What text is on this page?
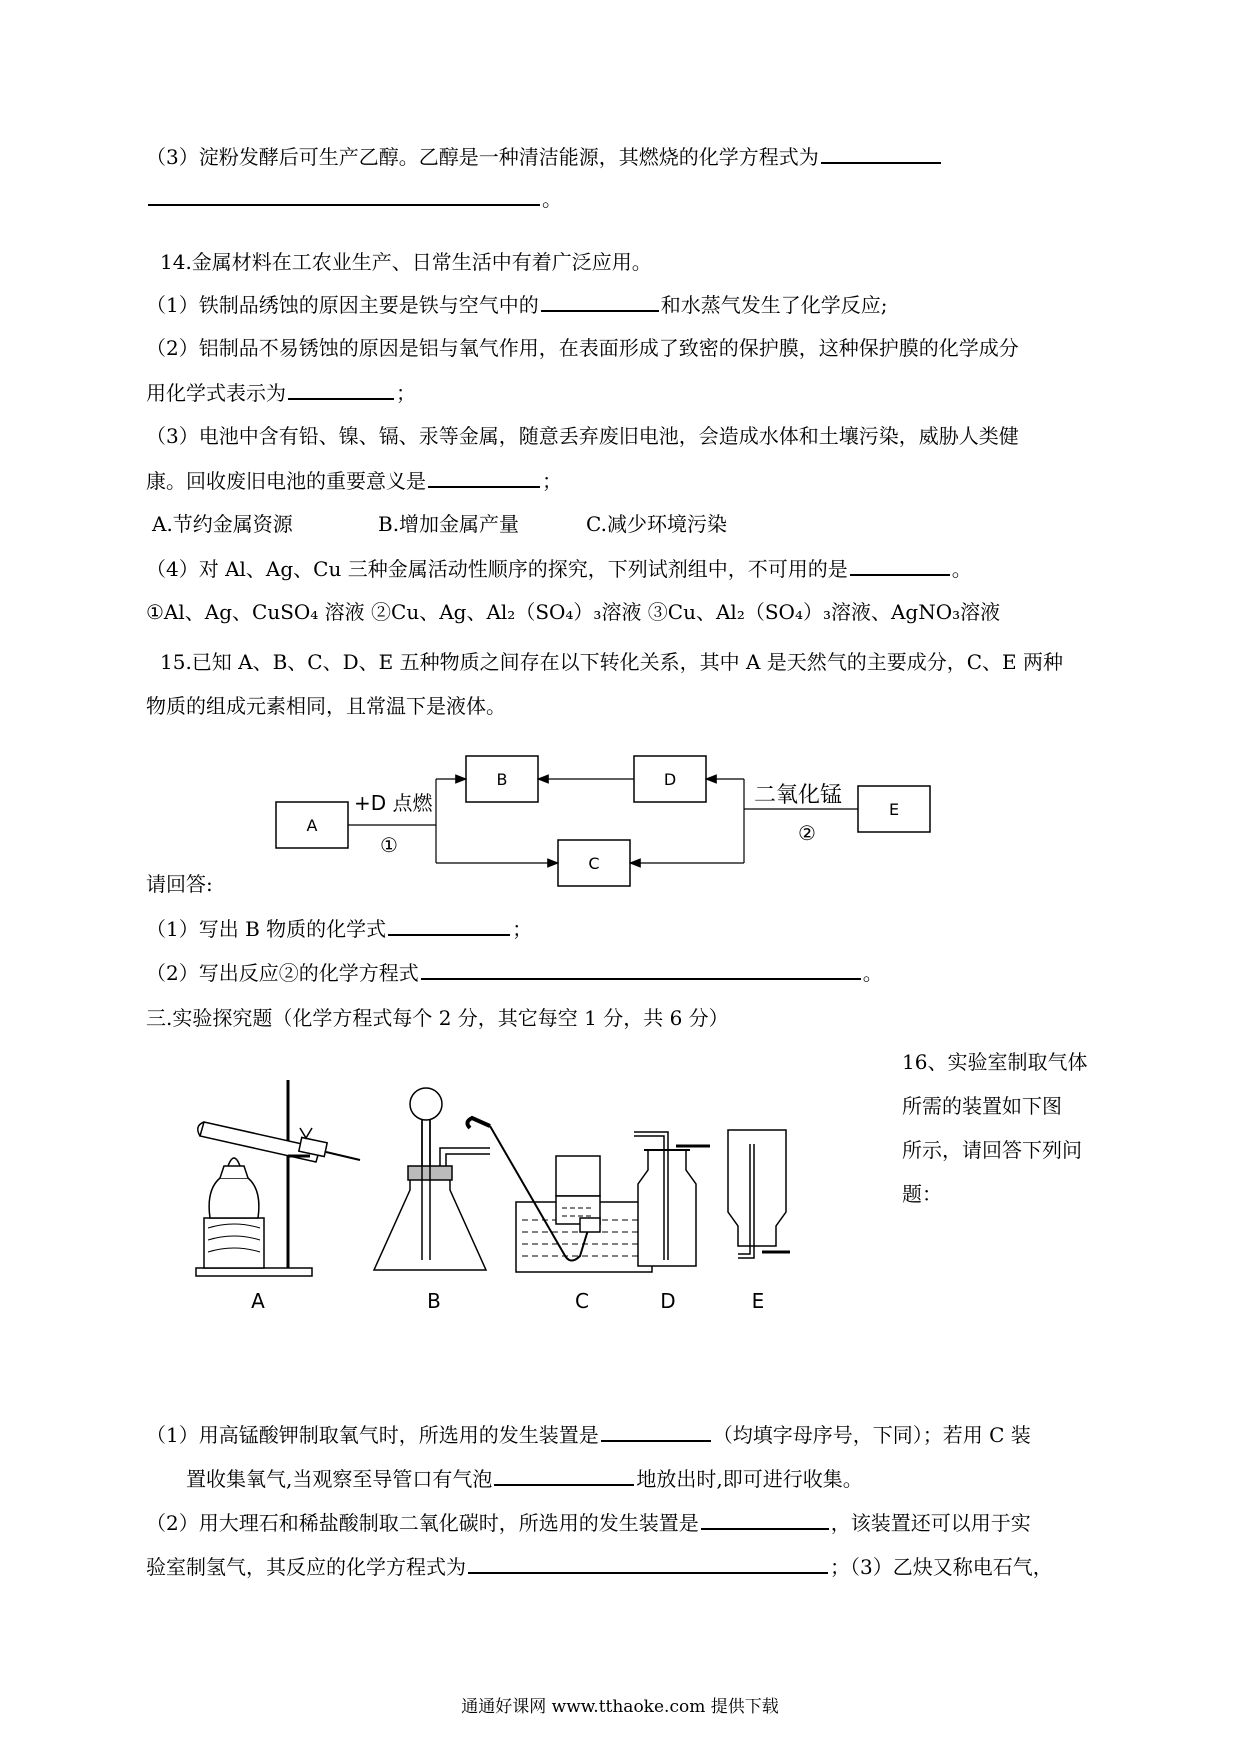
（3）淀粉发酵后可生产乙醇。乙醇是一种清洁能源，其燃烧的化学方程式为
。
14.金属材料在工农业生产、日常生活中有着广泛应用。
（1）铁制品绣蚀的原因主要是铁与空气中的	和水蒸气发生了化学反应;
（2）铝制品不易锈蚀的原因是铝与氧气作用，在表面形成了致密的保护膜，这种保护膜的化学成分
用化学式表示为	；
（3）电池中含有铅、镍、镉、汞等金属，随意丢弃废旧电池，会造成水体和土壤污染，威胁人类健
康。回收废旧电池的重要意义是	；
A.节约金属资源	B.增加金属产量	C.减少环境污染
（4）对 Al、Ag、Cu 三种金属活动性顺序的探究，下列试剂组中，不可用的是	。
①Al、Ag、CuSO₄ 溶液 ②Cu、Ag、Al₂（SO₄）₃溶液 ③Cu、Al₂（SO₄）₃溶液、AgNO₃溶液
15.已知 A、B、C、D、E 五种物质之间存在以下转化关系，其中 A 是天然气的主要成分，C、E 两种
物质的组成元素相同，且常温下是液体。
A
B	D
C
E
+D 点燃
①
二氧化锰
②
请回答:
（1）写出 B 物质的化学式	；
（2）写出反应②的化学方程式	。
三.实验探究题（化学方程式每个 2 分，其它每空 1 分，共 6 分）
16、实验室制取气体
所需的装置如下图
所示，请回答下列问
题：
A	B	C	D	E
（1）用高锰酸钾制取氧气时，所选用的发生装置是	（均填字母序号，下同）；若用 C 装
置收集氧气,当观察至导管口有气泡	地放出时,即可进行收集。
（2）用大理石和稀盐酸制取二氧化碳时，所选用的发生装置是	，该装置还可以用于实
验室制氢气，其反应的化学方程式为	；（3）乙炔又称电石气，
通通好课网 www.tthaoke.com 提供下载
